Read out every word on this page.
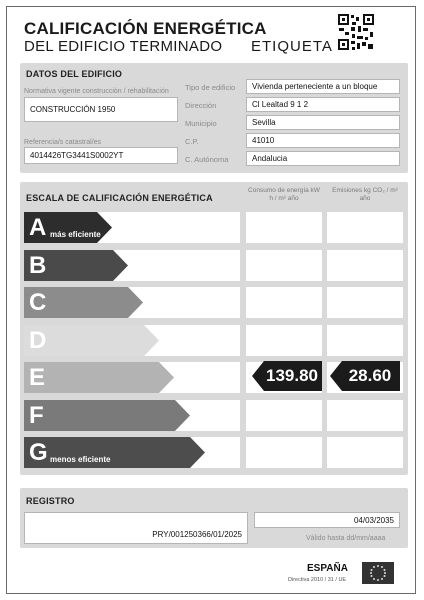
CALIFICACIÓN ENERGÉTICA
DEL EDIFICIO TERMINADO ETIQUETA
DATOS DEL EDIFICIO
Normativa vigente construcción / rehabilitación
CONSTRUCCIÓN 1950
Referencia/s catastral/es
4014426TG3441S0002YT
Tipo de edificio Vivienda perteneciente a un bloque
Dirección	Cl Lealtad 9 1 2
Municipio	Sevilla
C.P.	41010
C. Autónoma	Andalucia
ESCALA DE CALIFICACIÓN ENERGÉTICA
Consumo de energía kW h / m² año
Emisiones kg CO₂ / m² año
A más eficiente
B
C
D
E
F
G menos eficiente
habitaclia
139.80	28.60
REGISTRO
PRY/001250366/01/2025
04/03/2035
Válido hasta dd/mm/aaaa
ESPAÑA
Directiva 2010 / 31 / UE
